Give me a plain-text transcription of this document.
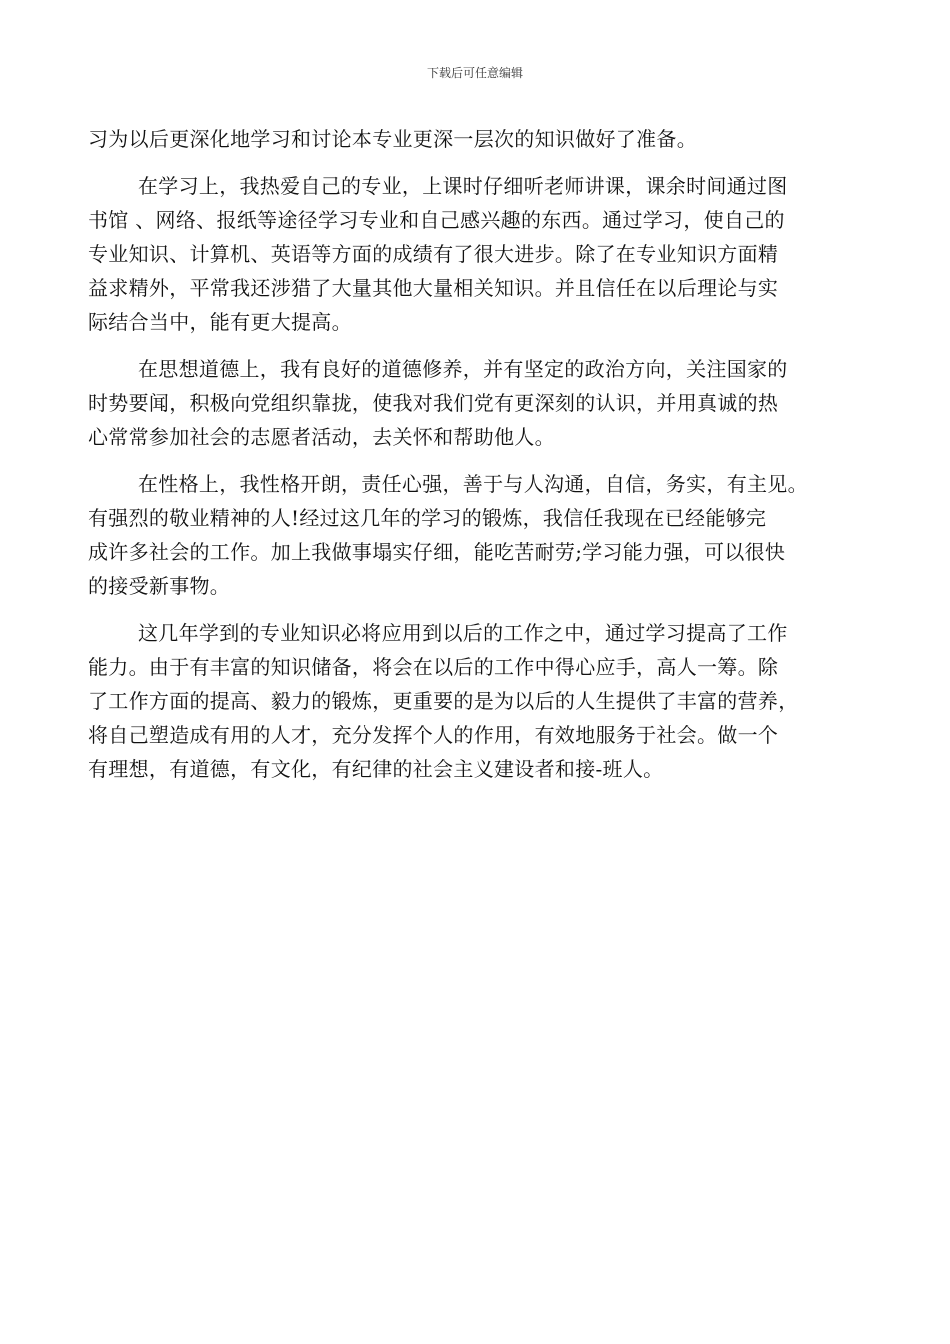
下载后可任意编辑
习为以后更深化地学习和讨论本专业更深一层次的知识做好了准备。
在学习上，我热爱自己的专业，上课时仔细听老师讲课，课余时间通过图
书馆 、网络、报纸等途径学习专业和自己感兴趣的东西。通过学习，使自己的
专业知识、计算机、英语等方面的成绩有了很大进步。除了在专业知识方面精
益求精外，平常我还涉猎了大量其他大量相关知识。并且信任在以后理论与实
际结合当中，能有更大提高。
在思想道德上，我有良好的道德修养，并有坚定的政治方向，关注国家的
时势要闻，积极向党组织靠拢，使我对我们党有更深刻的认识，并用真诚的热
心常常参加社会的志愿者活动，去关怀和帮助他人。
在性格上，我性格开朗，责任心强，善于与人沟通，自信，务实，有主见。
有强烈的敬业精神的人!经过这几年的学习的锻炼，我信任我现在已经能够完
成许多社会的工作。加上我做事塌实仔细，能吃苦耐劳;学习能力强，可以很快
的接受新事物。
这几年学到的专业知识必将应用到以后的工作之中，通过学习提高了工作
能力。由于有丰富的知识储备，将会在以后的工作中得心应手，高人一筹。除
了工作方面的提高、毅力的锻炼，更重要的是为以后的人生提供了丰富的营养，
将自己塑造成有用的人才，充分发挥个人的作用，有效地服务于社会。做一个
有理想，有道德，有文化，有纪律的社会主义建设者和接-班人。
